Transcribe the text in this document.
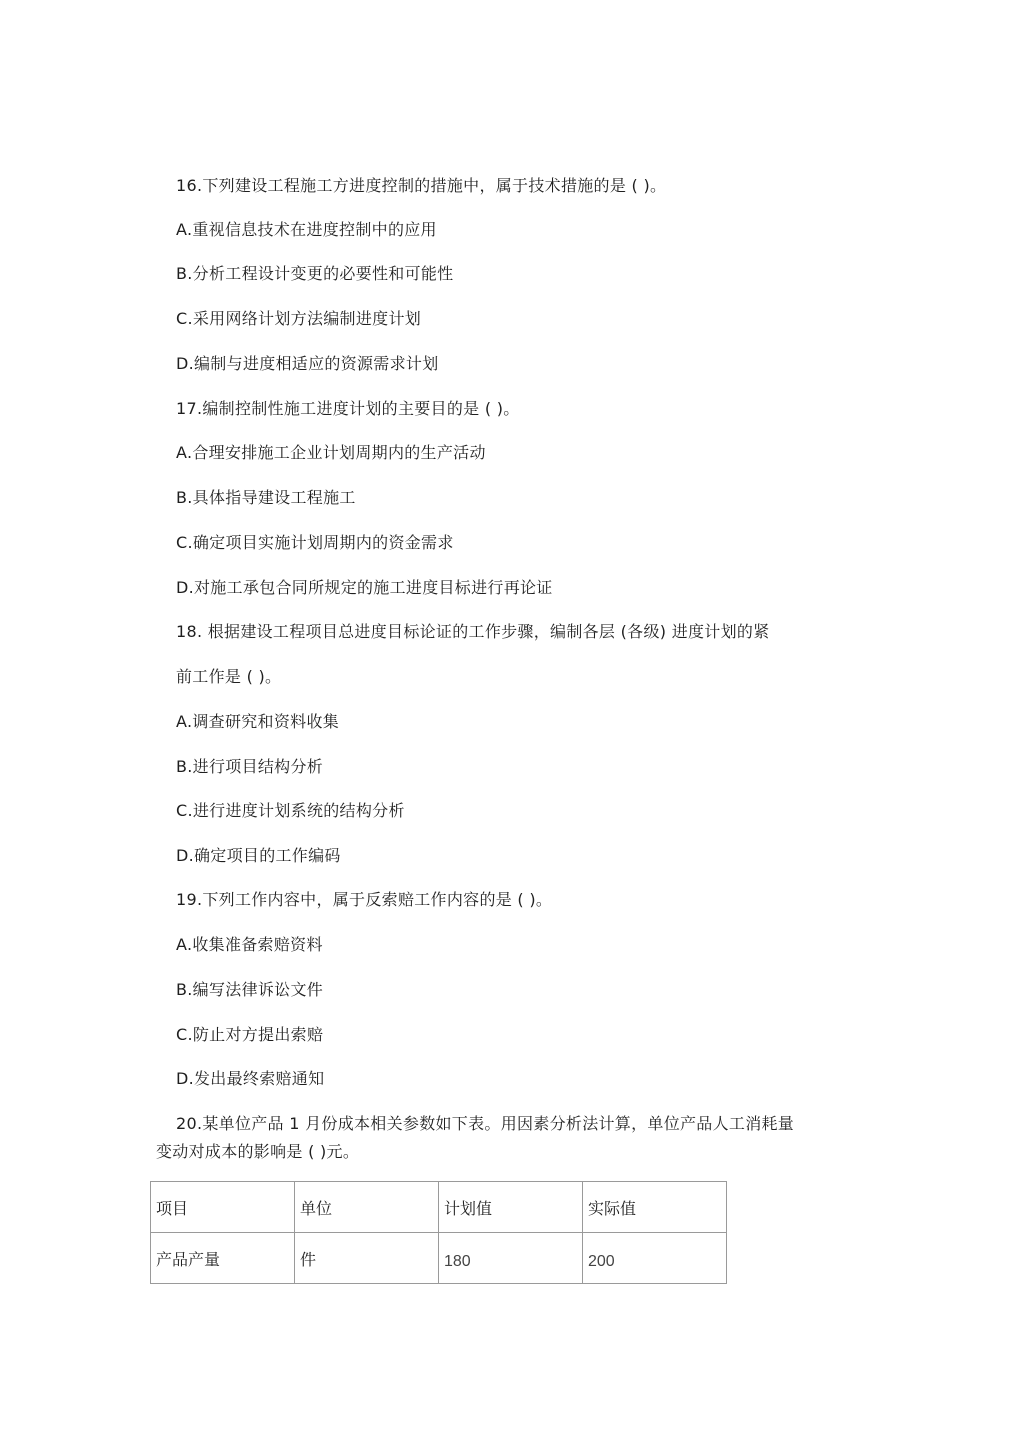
16.下列建设工程施工方进度控制的措施中，属于技术措施的是 ( )。
A.重视信息技术在进度控制中的应用
B.分析工程设计变更的必要性和可能性
C.采用网络计划方法编制进度计划
D.编制与进度相适应的资源需求计划
17.编制控制性施工进度计划的主要目的是 ( )。
A.合理安排施工企业计划周期内的生产活动
B.具体指导建设工程施工
C.确定项目实施计划周期内的资金需求
D.对施工承包合同所规定的施工进度目标进行再论证
18. 根据建设工程项目总进度目标论证的工作步骤，编制各层 (各级) 进度计划的紧
前工作是 ( )。
A.调查研究和资料收集
B.进行项目结构分析
C.进行进度计划系统的结构分析
D.确定项目的工作编码
19.下列工作内容中，属于反索赔工作内容的是 ( )。
A.收集准备索赔资料
B.编写法律诉讼文件
C.防止对方提出索赔
D.发出最终索赔通知
20.某单位产品 1 月份成本相关参数如下表。用因素分析法计算，单位产品人工消耗量
变动对成本的影响是 ( )元。
项目	单位	计划值	实际值
产品产量	件	180	200
